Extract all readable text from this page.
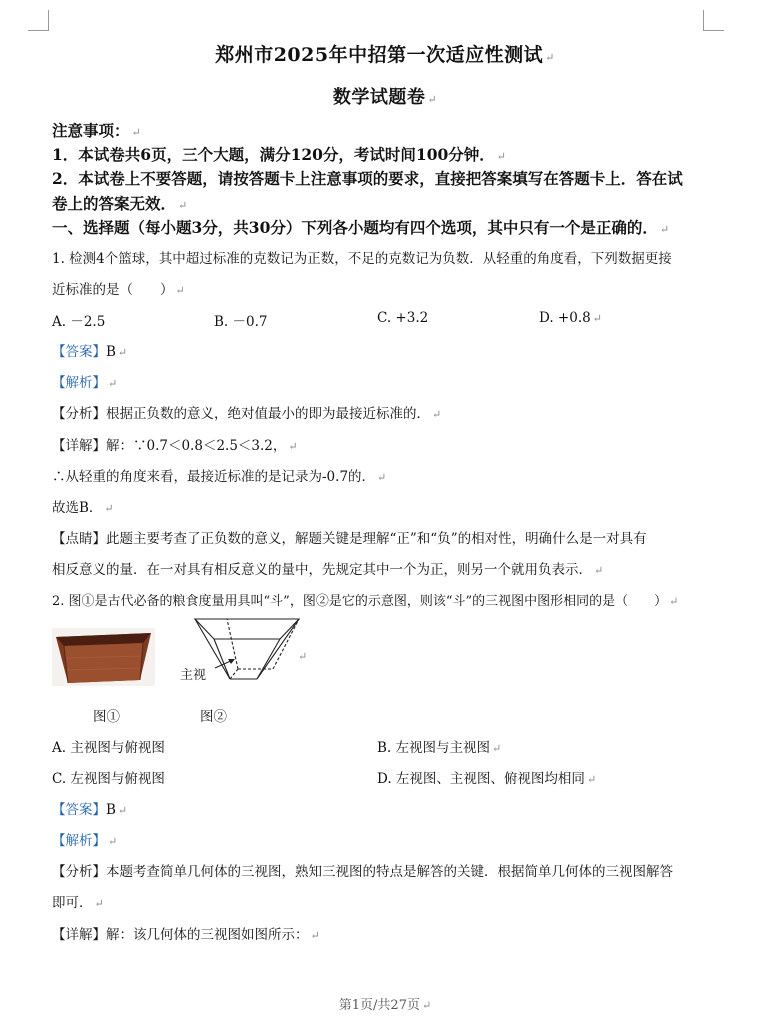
郑州市2025年中招第一次适应性测试 ↵
数学试题卷 ↵
注意事项： ↵
1．本试卷共6页，三个大题，满分120分，考试时间100分钟． ↵
2．本试卷上不要答题，请按答题卡上注意事项的要求，直接把答案填写在答题卡上．答在试
卷上的答案无效． ↵
一、选择题（每小题3分，共30分）下列各小题均有四个选项，其中只有一个是正确的． ↵
1. 检测4个篮球，其中超过标准的克数记为正数，不足的克数记为负数．从轻重的角度看，下列数据更接
近标准的是（　　） ↵
A. －2.5	B. －0.7	C. +3.2	D. +0.8 ↵
【答案】B ↵
【解析】 ↵
【分析】根据正负数的意义，绝对值最小的即为最接近标准的． ↵
【详解】解：∵0.7＜0.8＜2.5＜3.2， ↵
∴从轻重的角度来看，最接近标准的是记录为-0.7的． ↵
故选B． ↵
【点睛】此题主要考查了正负数的意义，解题关键是理解“正”和“负”的相对性，明确什么是一对具有
相反意义的量．在一对具有相反意义的量中，先规定其中一个为正，则另一个就用负表示． ↵
2. 图①是古代必备的粮食度量用具叫“斗”，图②是它的示意图，则该“斗”的三视图中图形相同的是（　　） ↵
主视
↵
图①	图②
A. 主视图与俯视图	B. 左视图与主视图 ↵
C. 左视图与俯视图	D. 左视图、主视图、俯视图均相同 ↵
【答案】B ↵
【解析】 ↵
【分析】本题考查简单几何体的三视图，熟知三视图的特点是解答的关键．根据简单几何体的三视图解答
即可． ↵
【详解】解：该几何体的三视图如图所示： ↵
第1页/共27页 ↵
